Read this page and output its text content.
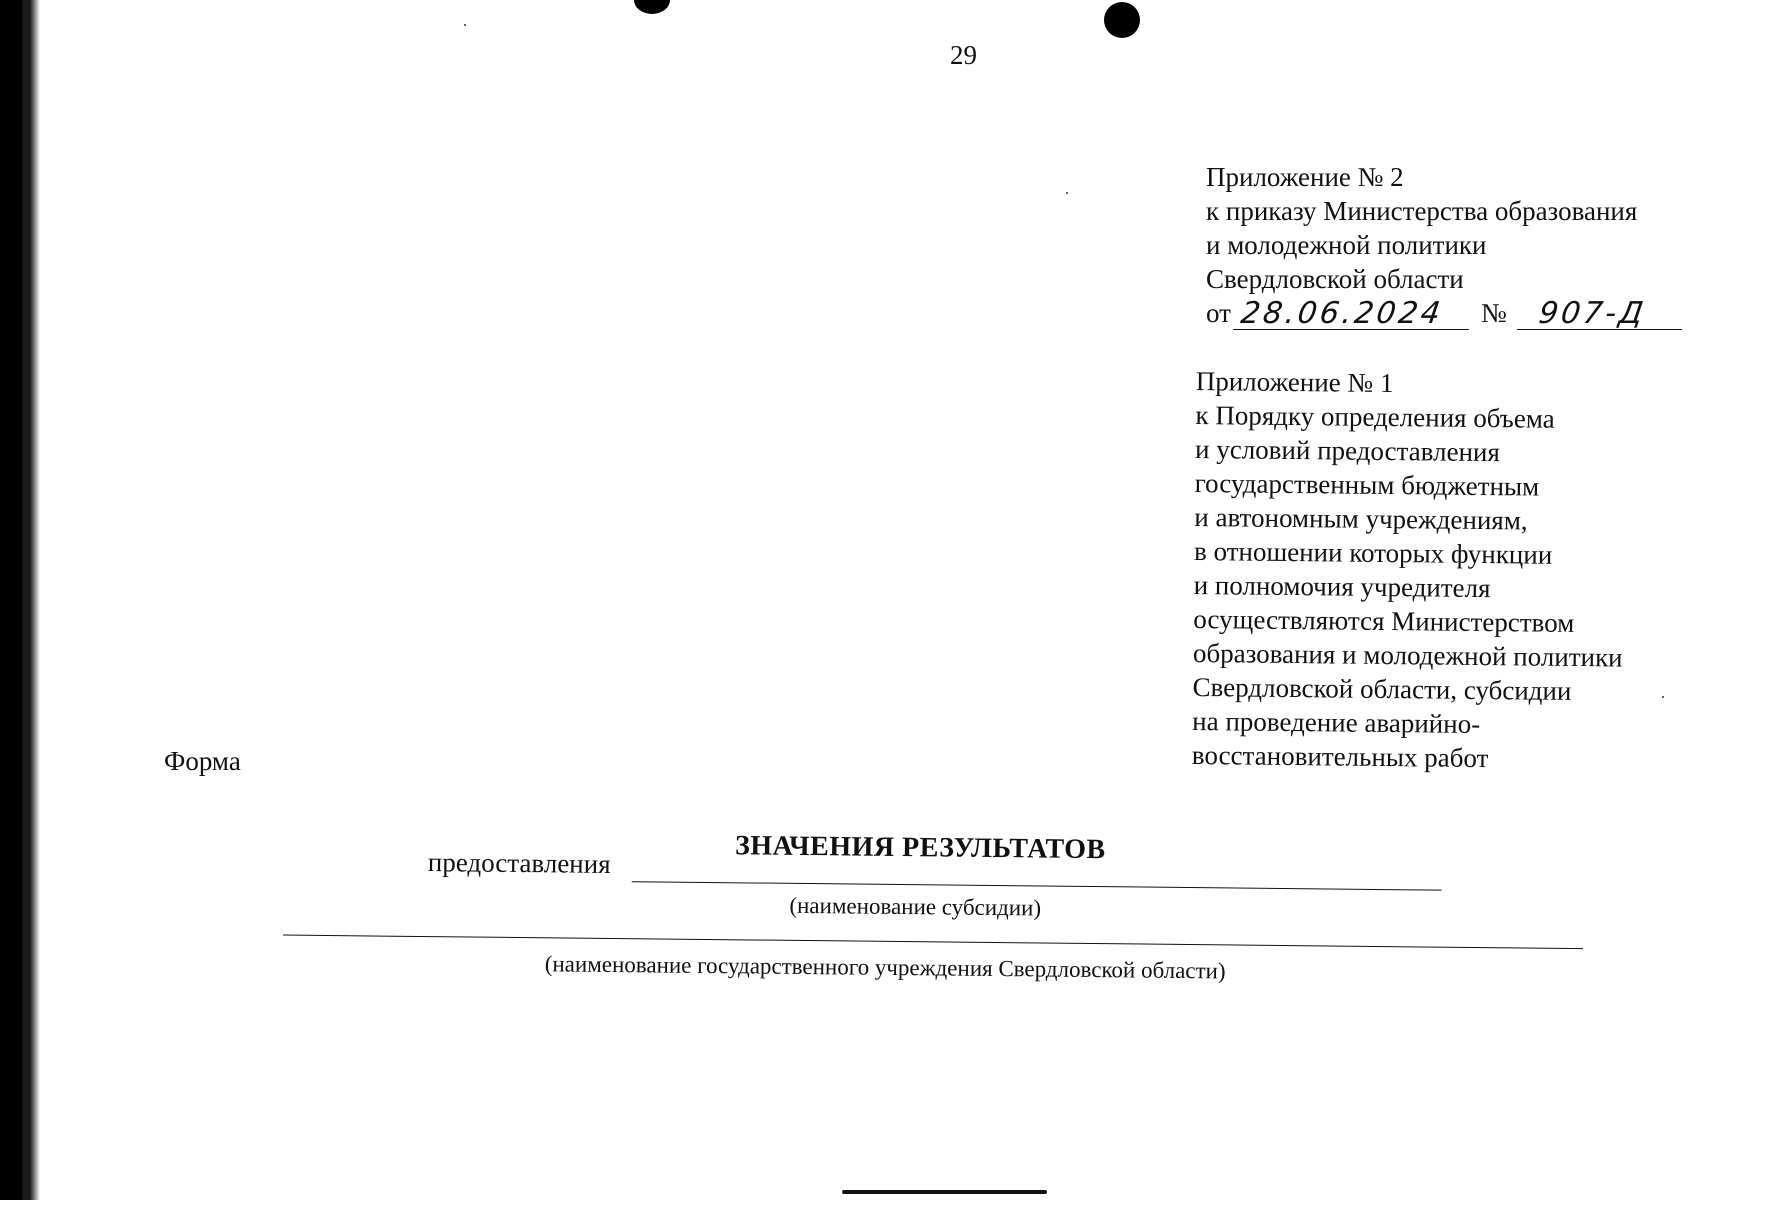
29
Приложение № 2
к приказу Министерства образования
и молодежной политики
Свердловской области
от 28.06.2024	№ 907-Д
Приложение № 1
к Порядку определения объема
и условий предоставления
государственным бюджетным
и автономным учреждениям,
в отношении которых функции
и полномочия учредителя
осуществляются Министерством
образования и молодежной политики
Свердловской области, субсидии
на проведение аварийно-
восстановительных работ
Форма
ЗНАЧЕНИЯ РЕЗУЛЬТАТОВ
предоставления
(наименование субсидии)
(наименование государственного учреждения Свердловской области)
